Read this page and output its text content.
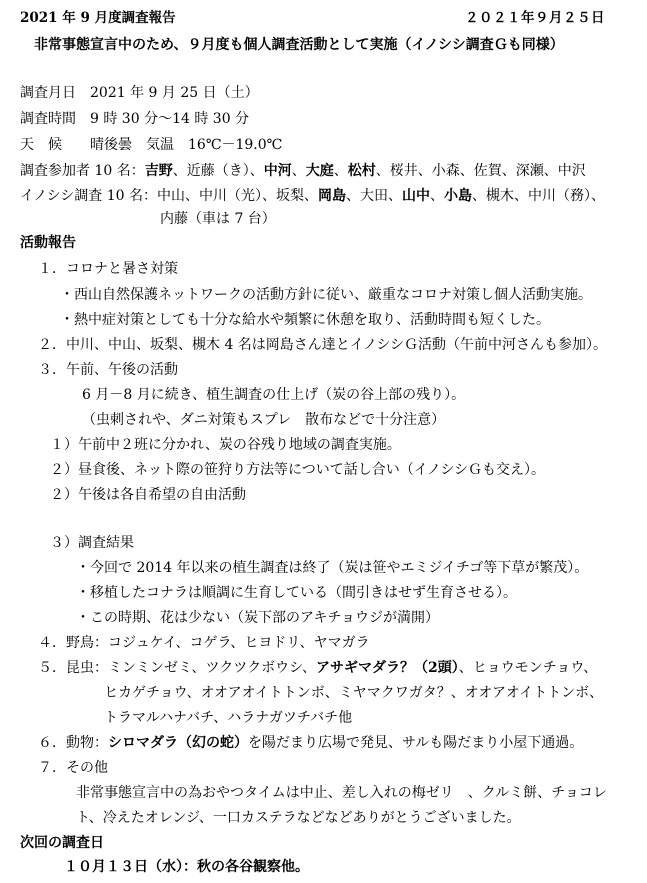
2021 年 9 月度調査報告	２０２１年９月２５日
非常事態宣言中のため、９月度も個人調査活動として実施（イノシシ調査Ｇも同様）
調査月日　2021 年 9 月 25 日（土）
調査時間　9 時 30 分～14 時 30 分
天　候　　晴後曇　気温　16℃－19.0℃
調査参加者 10 名：吉野、近藤（き）、中河、大庭、松村、桜井、小森、佐賀、深瀬、中沢
イノシシ調査 10 名：中山、中川（光）、坂梨、岡島、大田、山中、小島、槻木、中川（務）、
内藤（車は 7 台）
活動報告
１．コロナと暑さ対策
・西山自然保護ネットワークの活動方針に従い、厳重なコロナ対策し個人活動実施。
・熱中症対策としても十分な給水や頻繁に休憩を取り、活動時間も短くした。
２．中川、中山、坂梨、槻木 4 名は岡島さん達とイノシシＧ活動（午前中河さんも参加）。
３．午前、午後の活動
6 月－8 月に続き、植生調査の仕上げ（炭の谷上部の残り）。
（虫刺されや、ダニ対策もスプレ　散布などで十分注意）
１）午前中２班に分かれ、炭の谷残り地域の調査実施。
２）昼食後、ネット際の笹狩り方法等について話し合い（イノシシＧも交え）。
２）午後は各自希望の自由活動
３）調査結果
・今回で 2014 年以来の植生調査は終了（炭は笹やエミジイチゴ等下草が繁茂）。
・移植したコナラは順調に生育している（間引きはせず生育させる）。
・この時期、花は少ない（炭下部のアキチョウジが満開）
４．野鳥：コジュケイ、コゲラ、ヒヨドリ、ヤマガラ
５．昆虫：ミンミンゼミ、ツクツクボウシ、アサギマダラ？（2頭）、ヒョウモンチョウ、
ヒカゲチョウ、オオアオイトトンボ、ミヤマクワガタ？、オオアオイトトンボ、
トラマルハナバチ、ハラナガツチバチ他
６．動物：シロマダラ（幻の蛇）を陽だまり広場で発見、サルも陽だまり小屋下通過。
７．その他
非常事態宣言中の為おやつタイムは中止、差し入れの梅ゼリ　、クルミ餅、チョコレ
ト、冷えたオレンジ、一口カステラなどなどありがとうございました。
次回の調査日
１０月１３日（水）：秋の各谷観察他。
